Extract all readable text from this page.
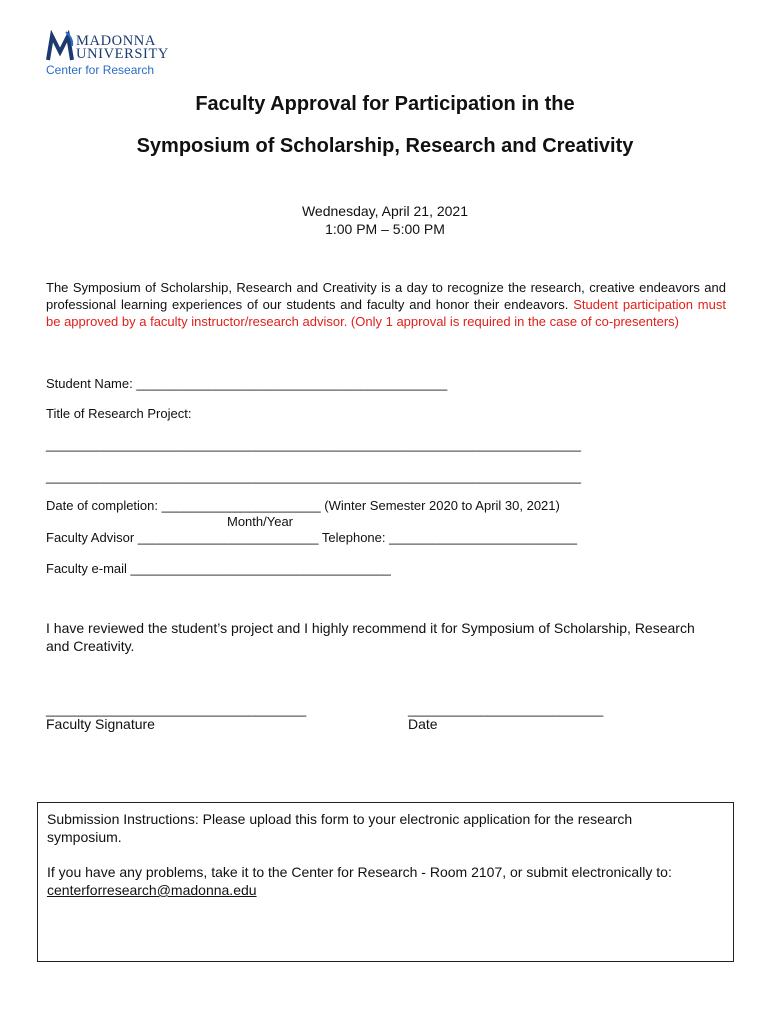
MADONNA
UNIVERSITY
Center for Research
Faculty Approval for Participation in the
Symposium of Scholarship, Research and Creativity
Wednesday, April 21, 2021
1:00 PM – 5:00 PM
The Symposium of Scholarship, Research and Creativity is a day to recognize the research, creative endeavors and professional learning experiences of our students and faculty and honor their endeavors. Student participation must be approved by a faculty instructor/research advisor. (Only 1 approval is required in the case of co-presenters)
Student Name: ___________________________________________
Title of Research Project:
__________________________________________________________________________
__________________________________________________________________________
Date of completion: ______________________ (Winter Semester 2020 to April 30, 2021)
Month/Year
Faculty Advisor _________________________ Telephone: __________________________
Faculty e-mail ____________________________________
I have reviewed the student’s project and I highly recommend it for Symposium of Scholarship, Research
and Creativity.
____________________________________
Faculty Signature
___________________________
Date
Submission Instructions: Please upload this form to your electronic application for the research
symposium.
If you have any problems, take it to the Center for Research - Room 2107, or submit electronically to:
centerforresearch@madonna.edu
